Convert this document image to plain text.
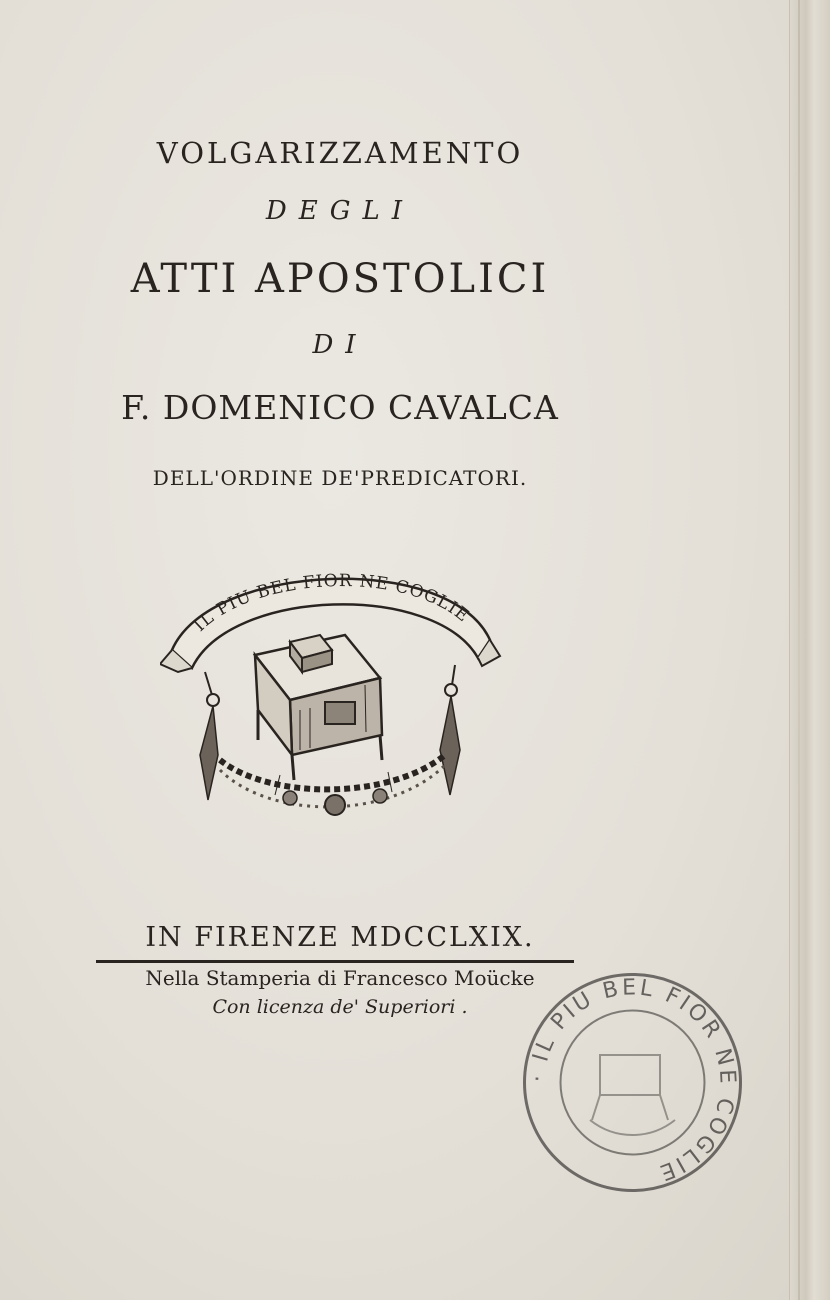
VOLGARIZZAMENTO
DEGLI
ATTI APOSTOLICI
DI
F. DOMENICO CAVALCA
DELL'ORDINE DE'PREDICATORI.
IL PIU BEL FIOR NE COGLIE
IN FIRENZE MDCCLXIX.
Nella Stamperia di Francesco Moücke
Con licenza de' Superiori .
· IL PIU BEL FIOR NE COGLIE
